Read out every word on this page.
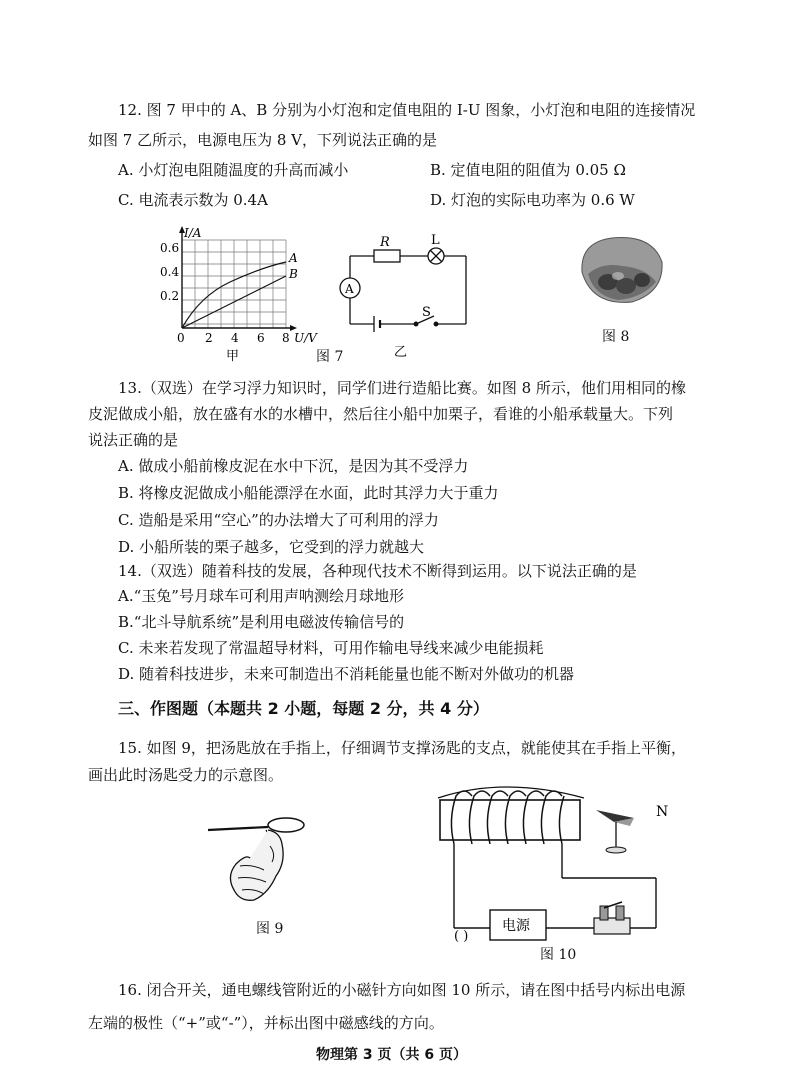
12. 图 7 甲中的 A、B 分别为小灯泡和定值电阻的 I-U 图象，小灯泡和电阻的连接情况
如图 7 乙所示，电源电压为 8 V，下列说法正确的是
A. 小灯泡电阻随温度的升高而减小	B. 定值电阻的阻值为 0.05 Ω
C. 电流表示数为 0.4A	D. 灯泡的实际电功率为 0.6 W
I/A
0.6
0.4
0.2
0 2 4 6 8 U/V
A
B
甲
R	L
A
S
乙
图 7
图 8
13.（双选）在学习浮力知识时，同学们进行造船比赛。如图 8 所示，他们用相同的橡
皮泥做成小船，放在盛有水的水槽中，然后往小船中加栗子，看谁的小船承载量大。下列
说法正确的是
A. 做成小船前橡皮泥在水中下沉，是因为其不受浮力
B. 将橡皮泥做成小船能漂浮在水面，此时其浮力大于重力
C. 造船是采用“空心”的办法增大了可利用的浮力
D. 小船所装的栗子越多，它受到的浮力就越大
14.（双选）随着科技的发展，各种现代技术不断得到运用。以下说法正确的是
A.“玉兔”号月球车可利用声呐测绘月球地形
B.“北斗导航系统”是利用电磁波传输信号的
C. 未来若发现了常温超导材料，可用作输电导线来减少电能损耗
D. 随着科技进步，未来可制造出不消耗能量也能不断对外做功的机器
三、作图题（本题共 2 小题，每题 2 分，共 4 分）
15. 如图 9，把汤匙放在手指上，仔细调节支撑汤匙的支点，就能使其在手指上平衡，
画出此时汤匙受力的示意图。
图 9
N
电源
( )
图 10
16. 闭合开关，通电螺线管附近的小磁针方向如图 10 所示，请在图中括号内标出电源
左端的极性（“+”或“-”），并标出图中磁感线的方向。
物理第 3 页（共 6 页）
